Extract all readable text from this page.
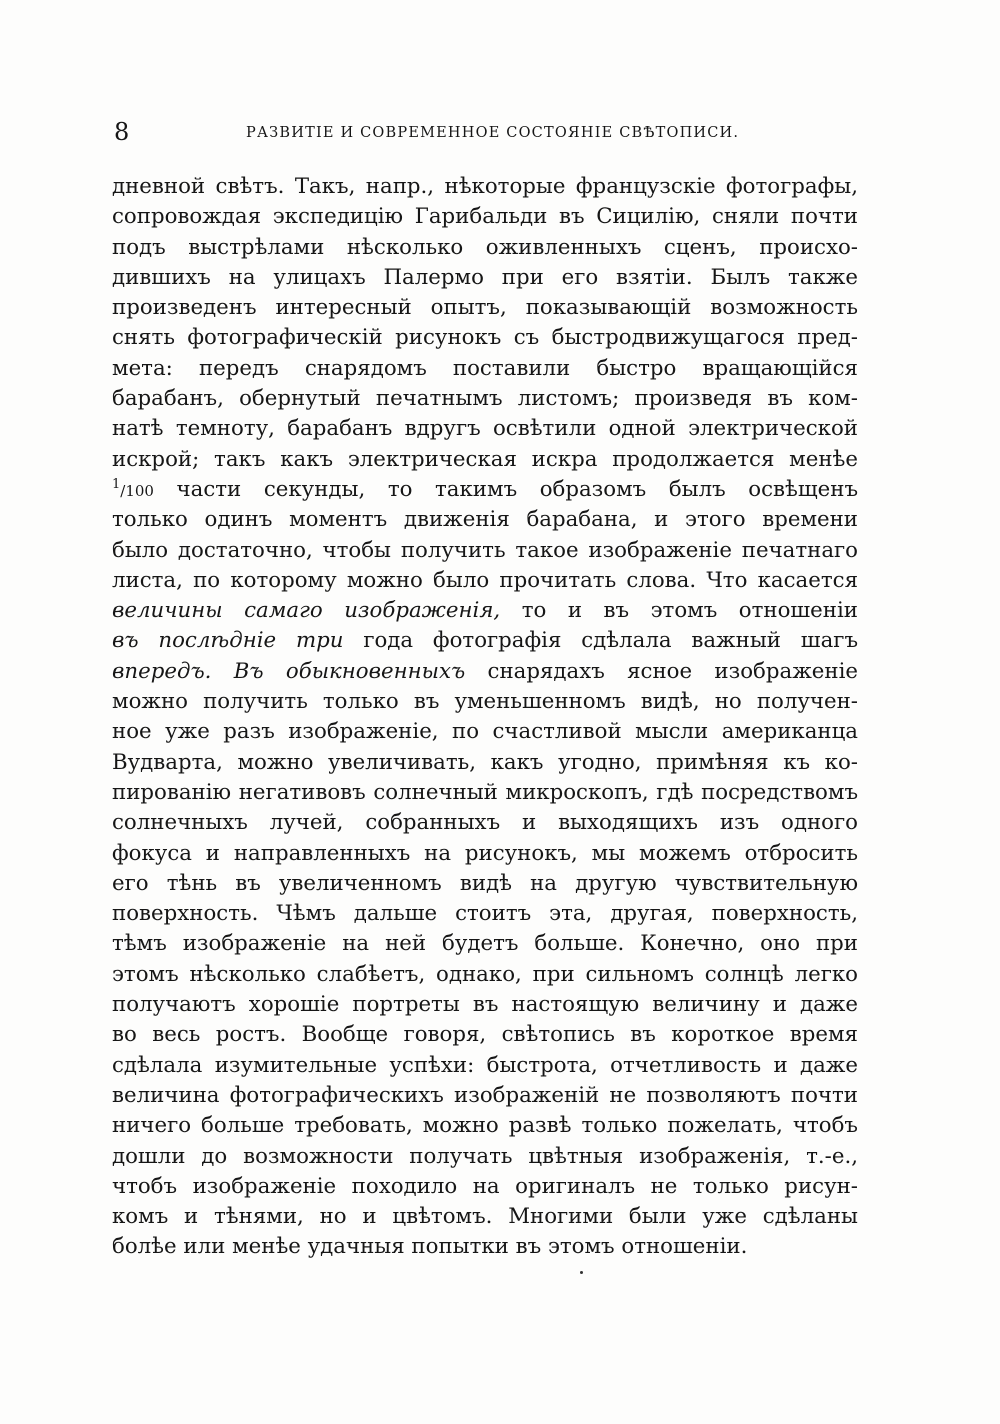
8	РАЗВИТІЕ И СОВРЕМЕННОЕ СОСТОЯНІЕ СВѢТОПИСИ.
дневной свѣтъ. Такъ, напр., нѣкоторые французскіе фотографы,
сопровождая экспедицію Гарибальди въ Сицилію, сняли почти
подъ выстрѣлами нѣсколько оживленныхъ сценъ, происхо-
дившихъ на улицахъ Палермо при его взятіи. Былъ также
произведенъ интересный опытъ, показывающій возможность
снять фотографическій рисунокъ съ быстродвижущагося пред-
мета: передъ снарядомъ поставили быстро вращающійся
барабанъ, обернутый печатнымъ листомъ; произведя въ ком-
натѣ темноту, барабанъ вдругъ освѣтили одной электрической
искрой; такъ какъ электрическая искра продолжается менѣе
$^1$/100 части секунды, то такимъ образомъ былъ освѣщенъ
только одинъ моментъ движенія барабана, и этого времени
было достаточно, чтобы получить такое изображеніе печатнаго
листа, по которому можно было прочитать слова. Что касается
величины самаго изображенія, то и въ этомъ отношеніи
въ послѣдніе три года фотографія сдѣлала важный шагъ
впередъ. Въ обыкновенныхъ снарядахъ ясное изображеніе
можно получить только въ уменьшенномъ видѣ, но получен-
ное уже разъ изображеніе, по счастливой мысли американца
Вудварта, можно увеличивать, какъ угодно, примѣняя къ ко-
пированію негативовъ солнечный микроскопъ, гдѣ посредствомъ
солнечныхъ лучей, собранныхъ и выходящихъ изъ одного
фокуса и направленныхъ на рисунокъ, мы можемъ отбросить
его тѣнь въ увеличенномъ видѣ на другую чувствительную
поверхность. Чѣмъ дальше стоитъ эта, другая, поверхность,
тѣмъ изображеніе на ней будетъ больше. Конечно, оно при
этомъ нѣсколько слабѣетъ, однако, при сильномъ солнцѣ легко
получаютъ хорошіе портреты въ настоящую величину и даже
во весь ростъ. Вообще говоря, свѣтопись въ короткое время
сдѣлала изумительные успѣхи: быстрота, отчетливость и даже
величина фотографическихъ изображеній не позволяютъ почти
ничего больше требовать, можно развѣ только пожелать, чтобъ
дошли до возможности получать цвѣтныя изображенія, т.-е.,
чтобъ изображеніе походило на оригиналъ не только рисун-
комъ и тѣнями, но и цвѣтомъ. Многими были уже сдѣланы
болѣе или менѣе удачныя попытки въ этомъ отношеніи.
